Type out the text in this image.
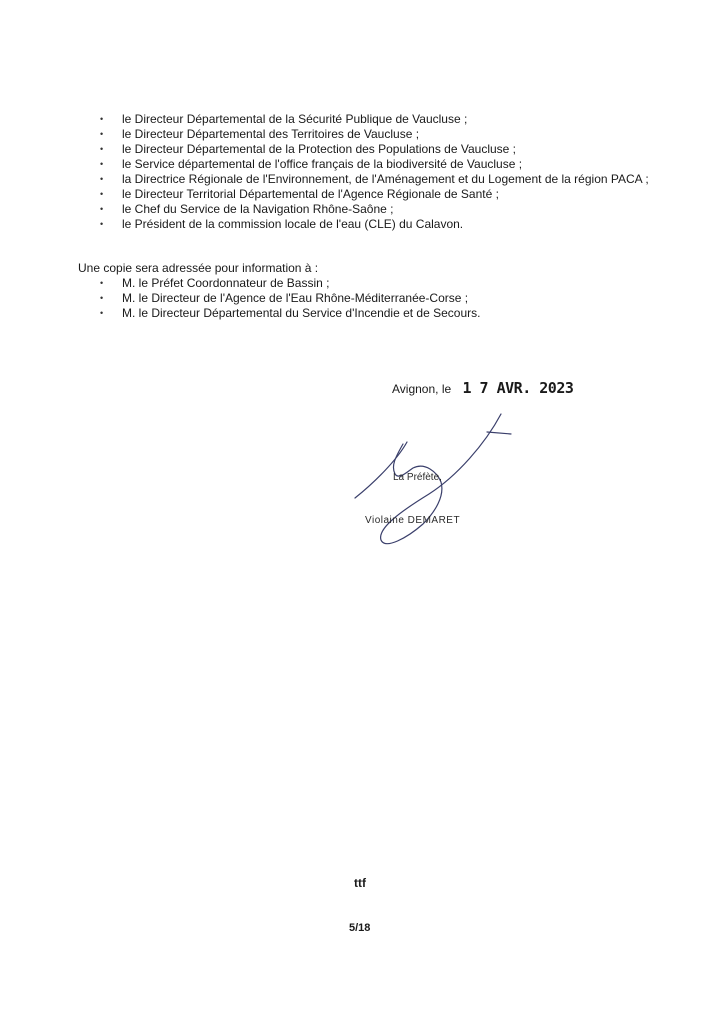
• le Directeur Départemental de la Sécurité Publique de Vaucluse ;
• le Directeur Départemental des Territoires de Vaucluse ;
• le Directeur Départemental de la Protection des Populations de Vaucluse ;
• le Service départemental de l'office français de la biodiversité de Vaucluse ;
• la Directrice Régionale de l'Environnement, de l'Aménagement et du Logement de la région PACA ;
• le Directeur Territorial Départemental de l'Agence Régionale de Santé ;
• le Chef du Service de la Navigation Rhône-Saône ;
• le Président de la commission locale de l'eau (CLE) du Calavon.

Une copie sera adressée pour information à :

• M. le Préfet Coordonnateur de Bassin ;
• M. le Directeur de l'Agence de l'Eau Rhône-Méditerranée-Corse ;
• M. le Directeur Départemental du Service d'Incendie et de Secours.
Avignon, le 1 7 AVR. 2023
La Préfète,
Violaine DEMARET
ttf
5/18
